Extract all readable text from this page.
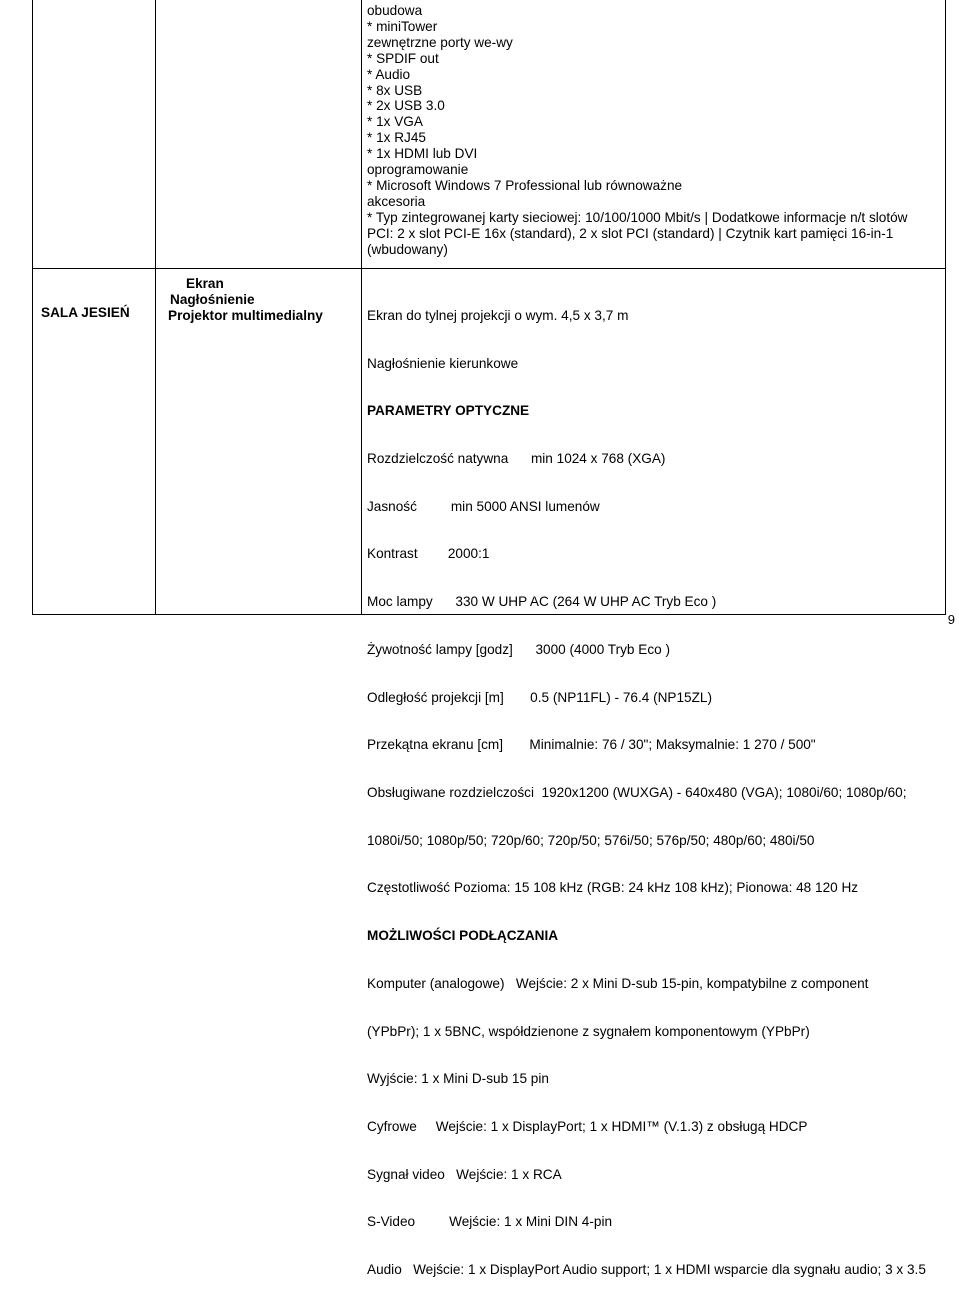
SALA JESIEŃ
Ekran
Nagłośnienie
Projektor multimedialny

obudowa

* miniTower

zewnętrzne porty we-wy

* SPDIF out

* Audio

* 8x USB

* 2x USB 3.0

* 1x VGA

* 1x RJ45

* 1x HDMI lub DVI

oprogramowanie

* Microsoft Windows 7 Professional lub równoważne

akcesoria

* Typ zintegrowanej karty sieciowej: 10/100/1000 Mbit/s | Dodatkowe informacje n/t slotów

PCI: 2 x slot PCI-E 16x (standard), 2 x slot PCI (standard) | Czytnik kart pamięci 16-in-1

(wbudowany)

Ekran do tylnej projekcji o wym. 4,5 x 3,7 m

Nagłośnienie kierunkowe

PARAMETRY OPTYCZNE

Rozdzielczość natywna      min 1024 x 768 (XGA)

Jasność         min 5000 ANSI lumenów

Kontrast        2000:1

Moc lampy      330 W UHP AC (264 W UHP AC Tryb Eco )

Żywotność lampy [godz]      3000 (4000 Tryb Eco )

Odległość projekcji [m]       0.5 (NP11FL) - 76.4 (NP15ZL)

Przekątna ekranu [cm]       Minimalnie: 76 / 30"; Maksymalnie: 1 270 / 500"

Obsługiwane rozdzielczości  1920x1200 (WUXGA) - 640x480 (VGA); 1080i/60; 1080p/60;

1080i/50; 1080p/50; 720p/60; 720p/50; 576i/50; 576p/50; 480p/60; 480i/50

Częstotliwość Pozioma: 15 108 kHz (RGB: 24 kHz 108 kHz); Pionowa: 48 120 Hz

MOŻLIWOŚCI PODŁĄCZANIA

Komputer (analogowe)   Wejście: 2 x Mini D-sub 15-pin, kompatybilne z component

(YPbPr); 1 x 5BNC, współdzienone z sygnałem komponentowym (YPbPr)

Wyjście: 1 x Mini D-sub 15 pin

Cyfrowe     Wejście: 1 x DisplayPort; 1 x HDMI™ (V.1.3) z obsługą HDCP

Sygnał video   Wejście: 1 x RCA

S-Video         Wejście: 1 x Mini DIN 4-pin

Audio   Wejście: 1 x DisplayPort Audio support; 1 x HDMI wsparcie dla sygnału audio; 3 x 3.5

9
